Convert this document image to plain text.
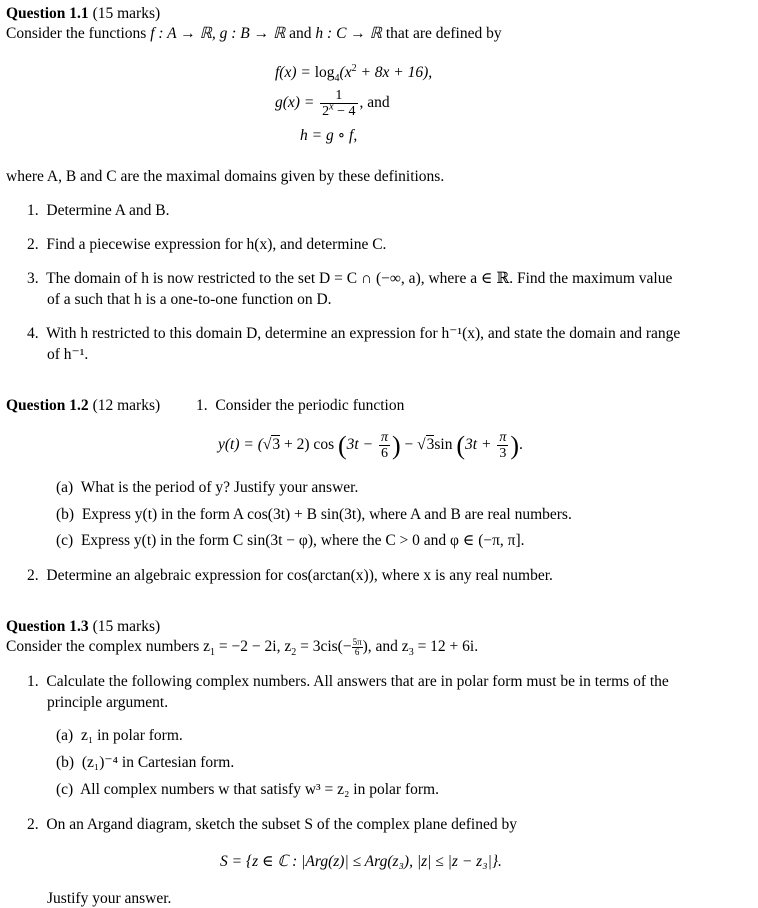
Question 1.1 (15 marks)
Consider the functions f : A → ℝ, g : B → ℝ and h : C → ℝ that are defined by
$f(x) = \log_4(x^2 + 8x + 16)$,
$g(x) = \frac{1}{2^x - 4}$ , and
h = g ∘ f,
where A, B and C are the maximal domains given by these definitions.
1. Determine A and B.
2. Find a piecewise expression for h(x), and determine C.
3. The domain of h is now restricted to the set D = C ∩ (−∞, a), where a ∈ ℝ. Find the maximum value
of a such that h is a one-to-one function on D.
4. With h restricted to this domain D, determine an expression for h⁻¹(x), and state the domain and range
of h⁻¹.
Question 1.2 (12 marks) 1. Consider the periodic function
y(t) = (√3 + 2) $\cos (3t - \frac{\pi}{6}$ ) − √3sin ($3t + \frac{\pi}{3}$ ).
(a) What is the period of y? Justify your answer.
(b) Express y(t) in the form A cos(3t) + B sin(3t), where A and B are real numbers.
(c) Express y(t) in the form C sin(3t − φ), where the C > 0 and φ ∈ (−π, π].
2. Determine an algebraic expression for cos(arctan(x)), where x is any real number.
Question 1.3 (15 marks)
Consider the complex numbers $z_1 = -2 - 2i$, $z_2 = 3cis(- \frac{5\pi}{6}$ ), and $z_3 = 12 + 6i$.
1. Calculate the following complex numbers. All answers that are in polar form must be in terms of the
principle argument.
(a) z₁ in polar form.
(b) (z₁)⁻⁴ in Cartesian form.
(c) All complex numbers w that satisfy w³ = z₂ in polar form.
2. On an Argand diagram, sketch the subset S of the complex plane defined by
S = {z ∈ ℂ : |Arg(z)| ≤ Arg(z₃), |z| ≤ |z − z₃|}.
Justify your answer.
